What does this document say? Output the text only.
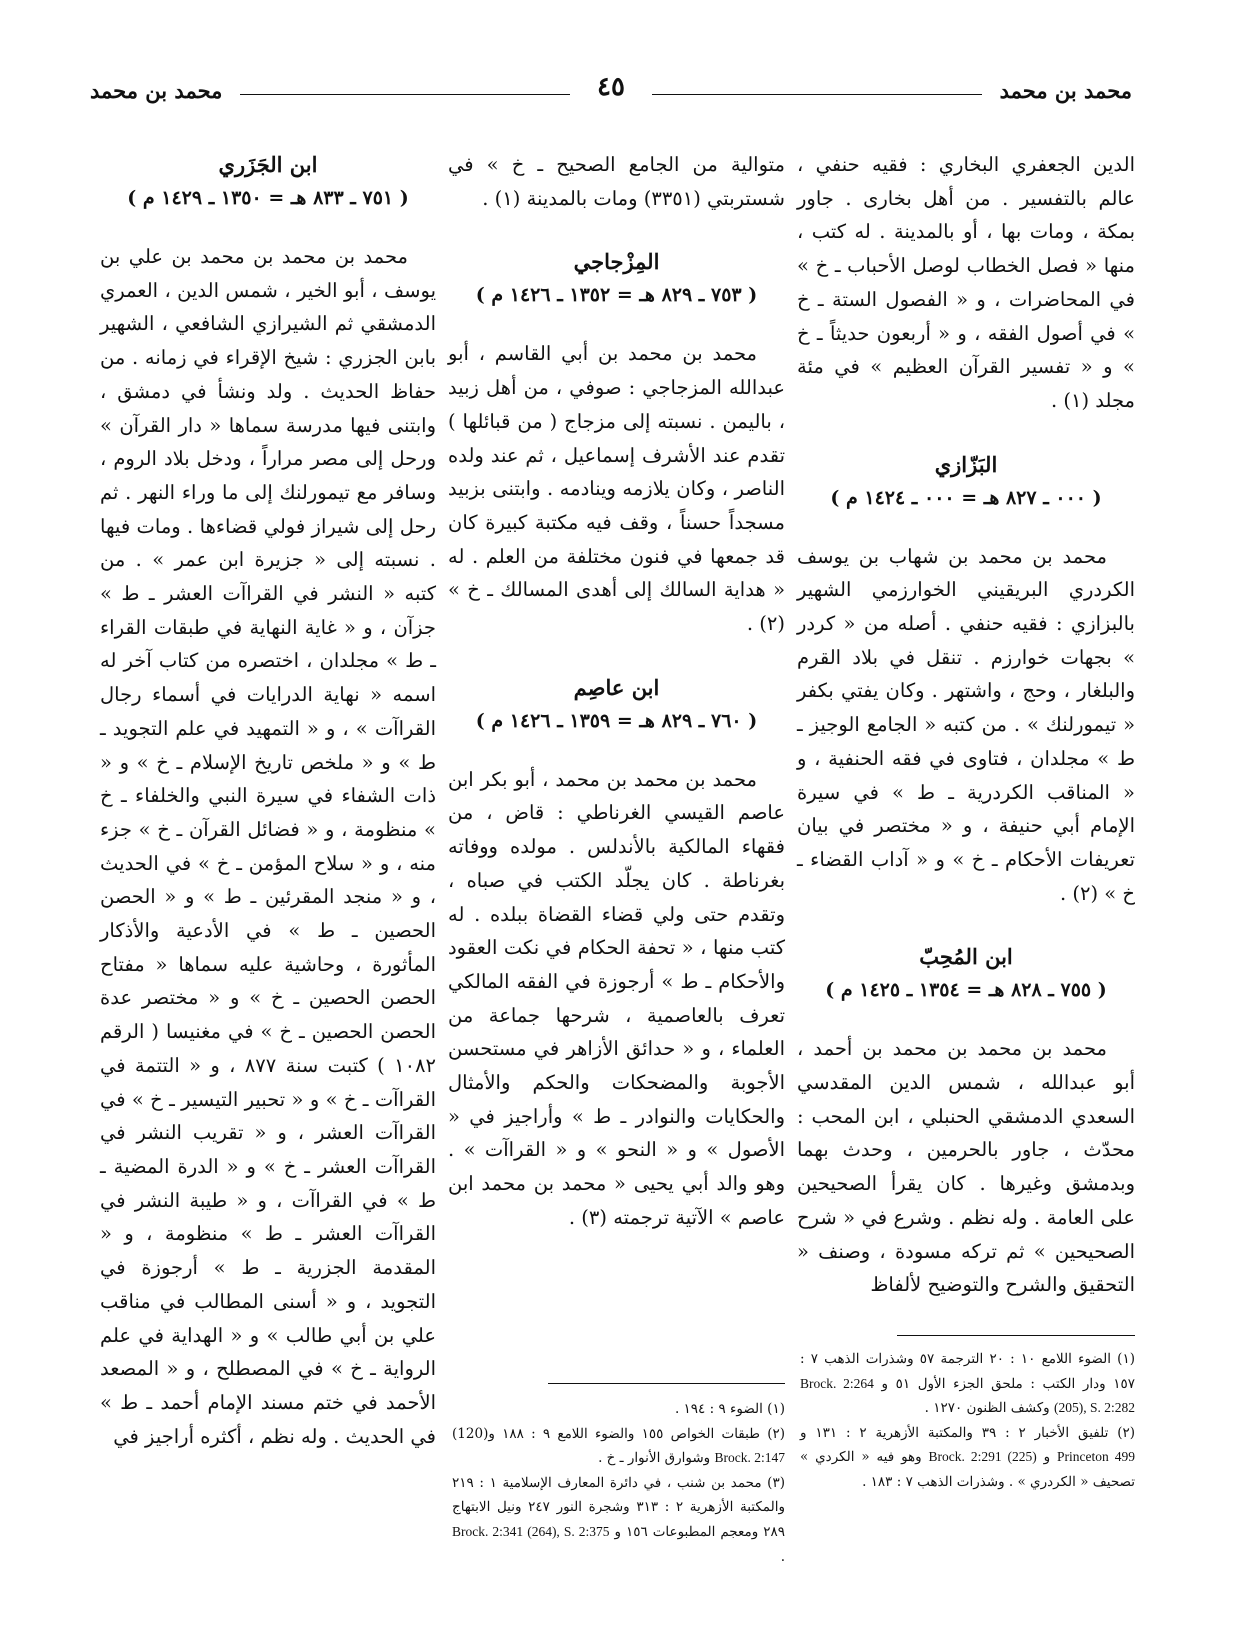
محمد بن محمد
٤٥
محمد بن محمد

الدين الجعفري البخاري : فقيه حنفي ، عالم بالتفسير . من أهل بخارى . جاور بمكة ، ومات بها ، أو بالمدينة . له كتب ، منها « فصل الخطاب لوصل الأحباب ـ خ » في المحاضرات ، و « الفصول الستة ـ خ » في أصول الفقه ، و « أربعون حديثاً ـ خ » و « تفسير القرآن العظيم » في مئة مجلد (١) .

البَزّازي
( ٠٠٠ ـ ٨٢٧ هـ = ٠٠٠ ـ ١٤٢٤ م )

محمد بن محمد بن شهاب بن يوسف الكردري البريقيني الخوارزمي الشهير بالبزازي : فقيه حنفي . أصله من « كردر » بجهات خوارزم . تنقل في بلاد القرم والبلغار ، وحج ، واشتهر . وكان يفتي بكفر « تيمورلنك » . من كتبه « الجامع الوجيز ـ ط » مجلدان ، فتاوى في فقه الحنفية ، و « المناقب الكردرية ـ ط » في سيرة الإمام أبي حنيفة ، و « مختصر في بيان تعريفات الأحكام ـ خ » و « آداب القضاء ـ خ » (٢) .

ابن المُحِبّ
( ٧٥٥ ـ ٨٢٨ هـ = ١٣٥٤ ـ ١٤٢٥ م )

محمد بن محمد بن محمد بن أحمد ، أبو عبدالله ، شمس الدين المقدسي السعدي الدمشقي الحنبلي ، ابن المحب : محدّث ، جاور بالحرمين ، وحدث بهما وبدمشق وغيرها . كان يقرأ الصحيحين على العامة . وله نظم . وشرع في « شرح الصحيحين » ثم تركه مسودة ، وصنف « التحقيق والشرح والتوضيح لألفاظ

متوالية من الجامع الصحيح ـ خ » في شستربتي (٣٣٥١) ومات بالمدينة (١) .

المِزْجاجي
( ٧٥٣ ـ ٨٢٩ هـ = ١٣٥٢ ـ ١٤٢٦ م )

محمد بن محمد بن أبي القاسم ، أبو عبدالله المزجاجي : صوفي ، من أهل زبيد ، باليمن . نسبته إلى مزجاج ( من قبائلها ) تقدم عند الأشرف إسماعيل ، ثم عند ولده الناصر ، وكان يلازمه وينادمه . وابتنى بزبيد مسجداً حسناً ، وقف فيه مكتبة كبيرة كان قد جمعها في فنون مختلفة من العلم . له « هداية السالك إلى أهدى المسالك ـ خ » (٢) .

ابن عاصِم
( ٧٦٠ ـ ٨٢٩ هـ = ١٣٥٩ ـ ١٤٢٦ م )

محمد بن محمد بن محمد ، أبو بكر ابن عاصم القيسي الغرناطي : قاض ، من فقهاء المالكية بالأندلس . مولده ووفاته بغرناطة . كان يجلّد الكتب في صباه ، وتقدم حتى ولي قضاء القضاة ببلده . له كتب منها ، « تحفة الحكام في نكت العقود والأحكام ـ ط » أرجوزة في الفقه المالكي تعرف بالعاصمية ، شرحها جماعة من العلماء ، و « حدائق الأزاهر في مستحسن الأجوبة والمضحكات والحكم والأمثال والحكايات والنوادر ـ ط » وأراجيز في « الأصول » و « النحو » و « القراآت » . وهو والد أبي يحيى « محمد بن محمد ابن عاصم » الآتية ترجمته (٣) .

ابن الجَزَري
( ٧٥١ ـ ٨٣٣ هـ = ١٣٥٠ ـ ١٤٢٩ م )

محمد بن محمد بن محمد بن علي بن يوسف ، أبو الخير ، شمس الدين ، العمري الدمشقي ثم الشيرازي الشافعي ، الشهير بابن الجزري : شيخ الإقراء في زمانه . من حفاظ الحديث . ولد ونشأ في دمشق ، وابتنى فيها مدرسة سماها « دار القرآن » ورحل إلى مصر مراراً ، ودخل بلاد الروم ، وسافر مع تيمورلنك إلى ما وراء النهر . ثم رحل إلى شيراز فولي قضاءها . ومات فيها . نسبته إلى « جزيرة ابن عمر » . من كتبه « النشر في القراآت العشر ـ ط » جزآن ، و « غاية النهاية في طبقات القراء ـ ط » مجلدان ، اختصره من كتاب آخر له اسمه « نهاية الدرايات في أسماء رجال القراآت » ، و « التمهيد في علم التجويد ـ ط » و « ملخص تاريخ الإسلام ـ خ » و « ذات الشفاء في سيرة النبي والخلفاء ـ خ » منظومة ، و « فضائل القرآن ـ خ » جزء منه ، و « سلاح المؤمن ـ خ » في الحديث ، و « منجد المقرئين ـ ط » و « الحصن الحصين ـ ط » في الأدعية والأذكار المأثورة ، وحاشية عليه سماها « مفتاح الحصن الحصين ـ خ » و « مختصر عدة الحصن الحصين ـ خ » في مغنيسا ( الرقم ١٠٨٢ ) كتبت سنة ٨٧٧ ، و « التتمة في القراآت ـ خ » و « تحبير التيسير ـ خ » في القراآت العشر ، و « تقريب النشر في القراآت العشر ـ خ » و « الدرة المضية ـ ط » في القراآت ، و « طيبة النشر في القراآت العشر ـ ط » منظومة ، و « المقدمة الجزرية ـ ط » أرجوزة في التجويد ، و « أسنى المطالب في مناقب علي بن أبي طالب » و « الهداية في علم الرواية ـ خ » في المصطلح ، و « المصعد الأحمد في ختم مسند الإمام أحمد ـ ط » في الحديث . وله نظم ، أكثره أراجيز في

(١) الضوء ٩ : ١٩٤ .

(٢) طبقات الخواص ١٥٥ والضوء اللامع ٩ : ١٨٨ و(120) Brock. 2:147 وشوارق الأنوار ـ خ .

(٣) محمد بن شنب ، في دائرة المعارف الإسلامية ١ : ٢١٩ والمكتبة الأزهرية ٢ : ٣١٣ وشجرة النور ٢٤٧ ونيل الابتهاج ٢٨٩ ومعجم المطبوعات ١٥٦ و Brock. 2:341 (264), S. 2:375 .

(١) الضوء اللامع ١٠ : ٢٠ الترجمة ٥٧ وشذرات الذهب ٧ : ١٥٧ ودار الكتب : ملحق الجزء الأول ٥١ و Brock. 2:264 (205), S. 2:282 وكشف الظنون ١٢٧٠ .

(٢) تلفيق الأخبار ٢ : ٣٩ والمكتبة الأزهرية ٢ : ١٣١ و Princeton 499 و Brock. 2:291 (225) وهو فيه « الكردي » تصحيف « الكردري » . وشذرات الذهب ٧ : ١٨٣ .
